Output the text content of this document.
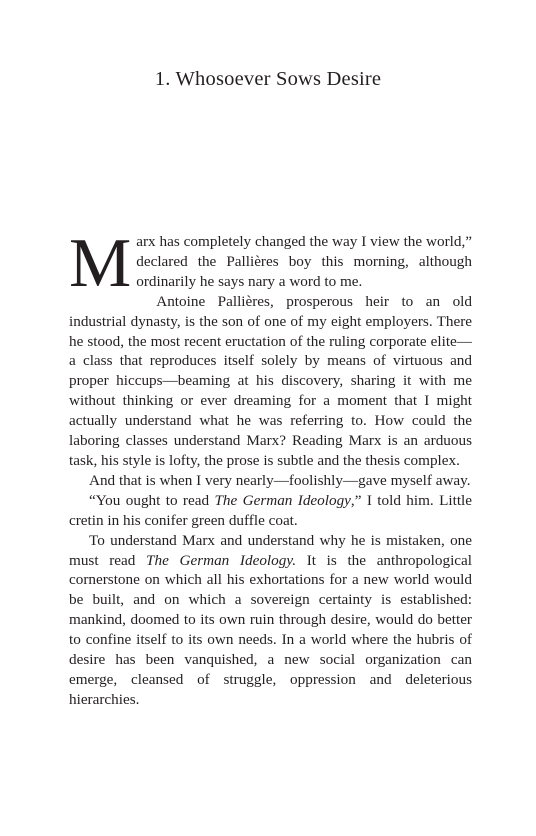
1. Whosoever Sows Desire

Marx has completely changed the way I view the world,” declared the Pallières boy this morning, although ordinarily he says nary a word to me.

Antoine Pallières, prosperous heir to an old industrial dynasty, is the son of one of my eight employers. There he stood, the most recent eructation of the ruling corporate elite—a class that reproduces itself solely by means of virtuous and proper hiccups—beaming at his discovery, sharing it with me without thinking or ever dreaming for a moment that I might actually understand what he was referring to. How could the laboring classes understand Marx? Reading Marx is an arduous task, his style is lofty, the prose is subtle and the thesis complex.

And that is when I very nearly—foolishly—gave myself away.

“You ought to read The German Ideology,” I told him. Little cretin in his conifer green duffle coat.

To understand Marx and understand why he is mistaken, one must read The German Ideology. It is the anthropological cornerstone on which all his exhortations for a new world would be built, and on which a sovereign certainty is established: mankind, doomed to its own ruin through desire, would do better to confine itself to its own needs. In a world where the hubris of desire has been vanquished, a new social organization can emerge, cleansed of struggle, oppression and deleterious hierarchies.
